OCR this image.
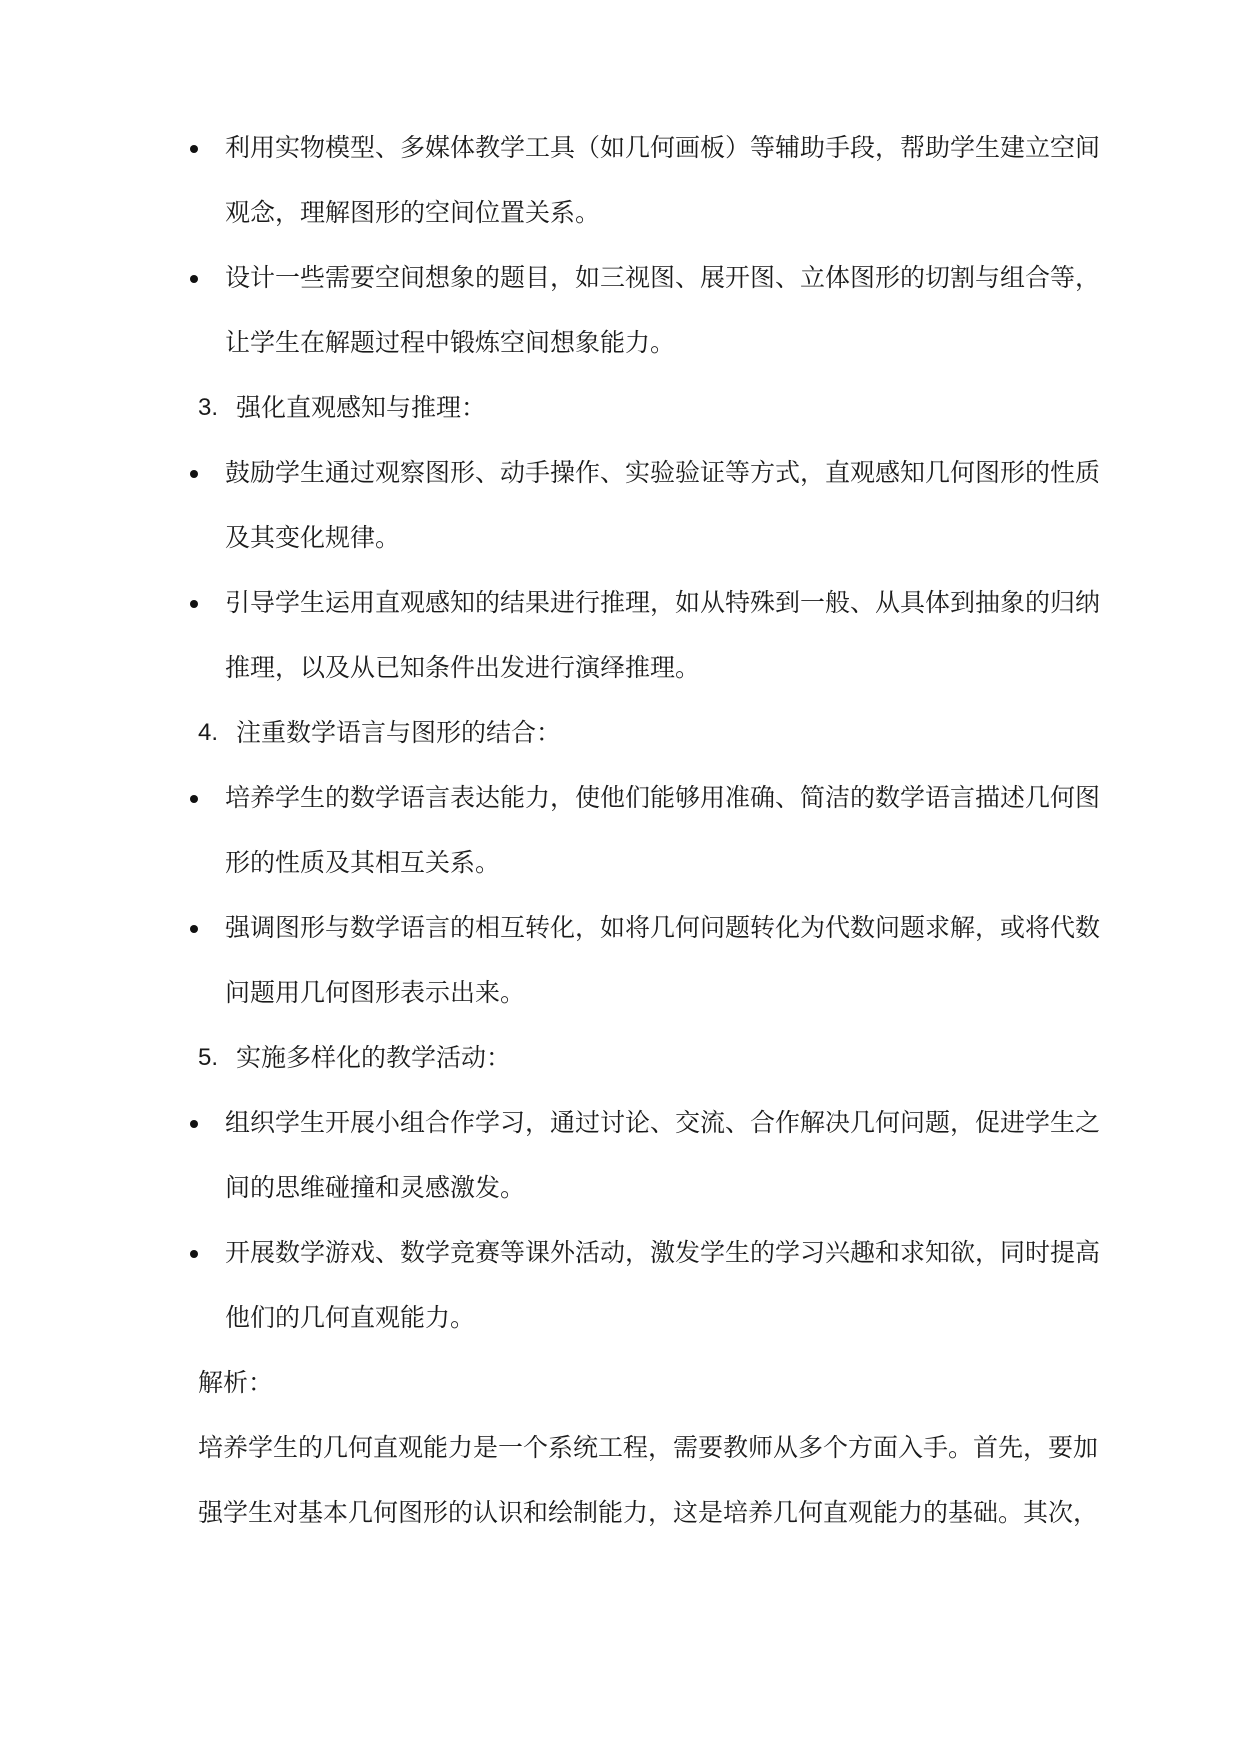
利用实物模型、多媒体教学工具（如几何画板）等辅助手段，帮助学生建立空间
观念，理解图形的空间位置关系。
设计一些需要空间想象的题目，如三视图、展开图、立体图形的切割与组合等，
让学生在解题过程中锻炼空间想象能力。
3. 强化直观感知与推理：
鼓励学生通过观察图形、动手操作、实验验证等方式，直观感知几何图形的性质
及其变化规律。
引导学生运用直观感知的结果进行推理，如从特殊到一般、从具体到抽象的归纳
推理，以及从已知条件出发进行演绎推理。
4. 注重数学语言与图形的结合：
培养学生的数学语言表达能力，使他们能够用准确、简洁的数学语言描述几何图
形的性质及其相互关系。
强调图形与数学语言的相互转化，如将几何问题转化为代数问题求解，或将代数
问题用几何图形表示出来。
5. 实施多样化的教学活动：
组织学生开展小组合作学习，通过讨论、交流、合作解决几何问题，促进学生之
间的思维碰撞和灵感激发。
开展数学游戏、数学竞赛等课外活动，激发学生的学习兴趣和求知欲，同时提高
他们的几何直观能力。
解析：
培养学生的几何直观能力是一个系统工程，需要教师从多个方面入手。首先，要加
强学生对基本几何图形的认识和绘制能力，这是培养几何直观能力的基础。其次，
